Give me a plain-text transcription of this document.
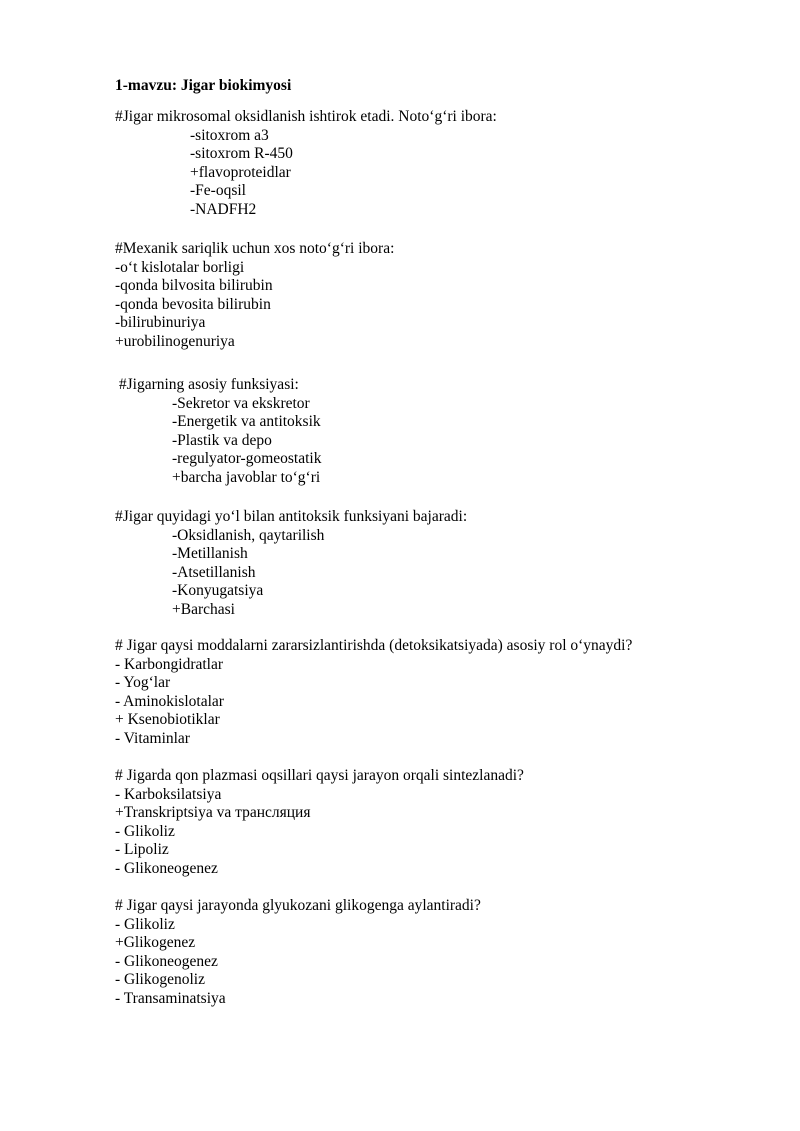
1-mavzu: Jigar biokimyosi
#Jigar mikrosomal oksidlanish ishtirok etadi. Noto‘g‘ri ibora:
-sitoxrom a3
-sitoxrom R-450
+flavoproteidlar
-Fe-oqsil
-NADFH2
#Mexanik sariqlik uchun xos noto‘g‘ri ibora:
-o‘t kislotalar borligi
-qonda bilvosita bilirubin
-qonda bevosita bilirubin
-bilirubinuriya
+urobilinogenuriya
#Jigarning asosiy funksiyasi:
-Sekretor va ekskretor
-Energetik va antitoksik
-Plastik va depo
-regulyator-gomeostatik
+barcha javoblar to‘g‘ri
#Jigar quyidagi yo‘l bilan antitoksik funksiyani bajaradi:
-Oksidlanish, qaytarilish
-Metillanish
-Atsetillanish
-Konyugatsiya
+Barchasi
# Jigar qaysi moddalarni zararsizlantirishda (detoksikatsiyada) asosiy rol o‘ynaydi?
- Karbongidratlar
- Yog‘lar
- Aminokislotalar
+ Ksenobiotiklar
- Vitaminlar
# Jigarda qon plazmasi oqsillari qaysi jarayon orqali sintezlanadi?
- Karboksilatsiya
+Transkriptsiya va трансляция
- Glikoliz
- Lipoliz
- Glikoneogenez
# Jigar qaysi jarayonda glyukozani glikogenga aylantiradi?
- Glikoliz
+Glikogenez
- Glikoneogenez
- Glikogenoliz
- Transaminatsiya
